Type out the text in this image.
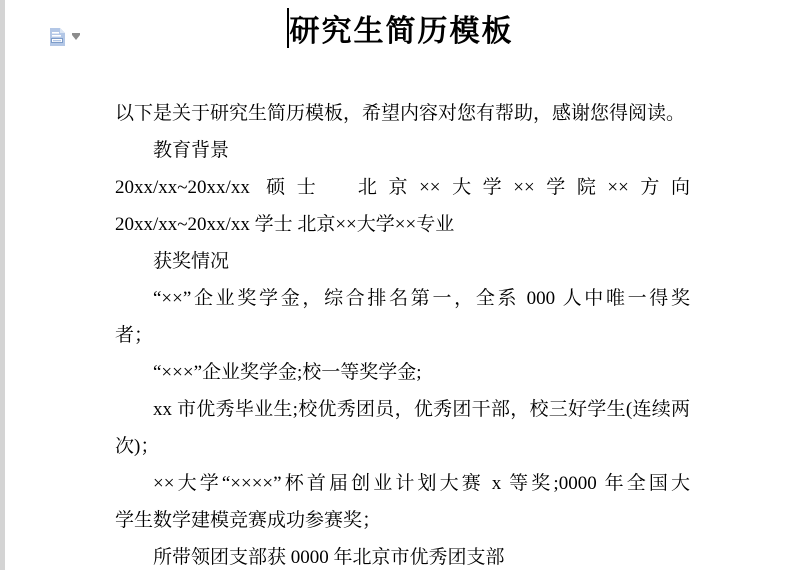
研究生简历模板
以下是关于研究生简历模板，希望内容对您有帮助，感谢您得阅读。
教育背景
20xx/xx~20xx/xx 硕士　北京××大学××学院××方向
20xx/xx~20xx/xx 学士 北京××大学××专业
获奖情况
“××”企业奖学金，综合排名第一，全系 000 人中唯一得奖
者；
“×××”企业奖学金;校一等奖学金;
xx 市优秀毕业生;校优秀团员，优秀团干部，校三好学生(连续两
次)；
××大学“××××”杯首届创业计划大赛 x 等奖;0000 年全国大
学生数学建模竞赛成功参赛奖；
所带领团支部获 0000 年北京市优秀团支部
